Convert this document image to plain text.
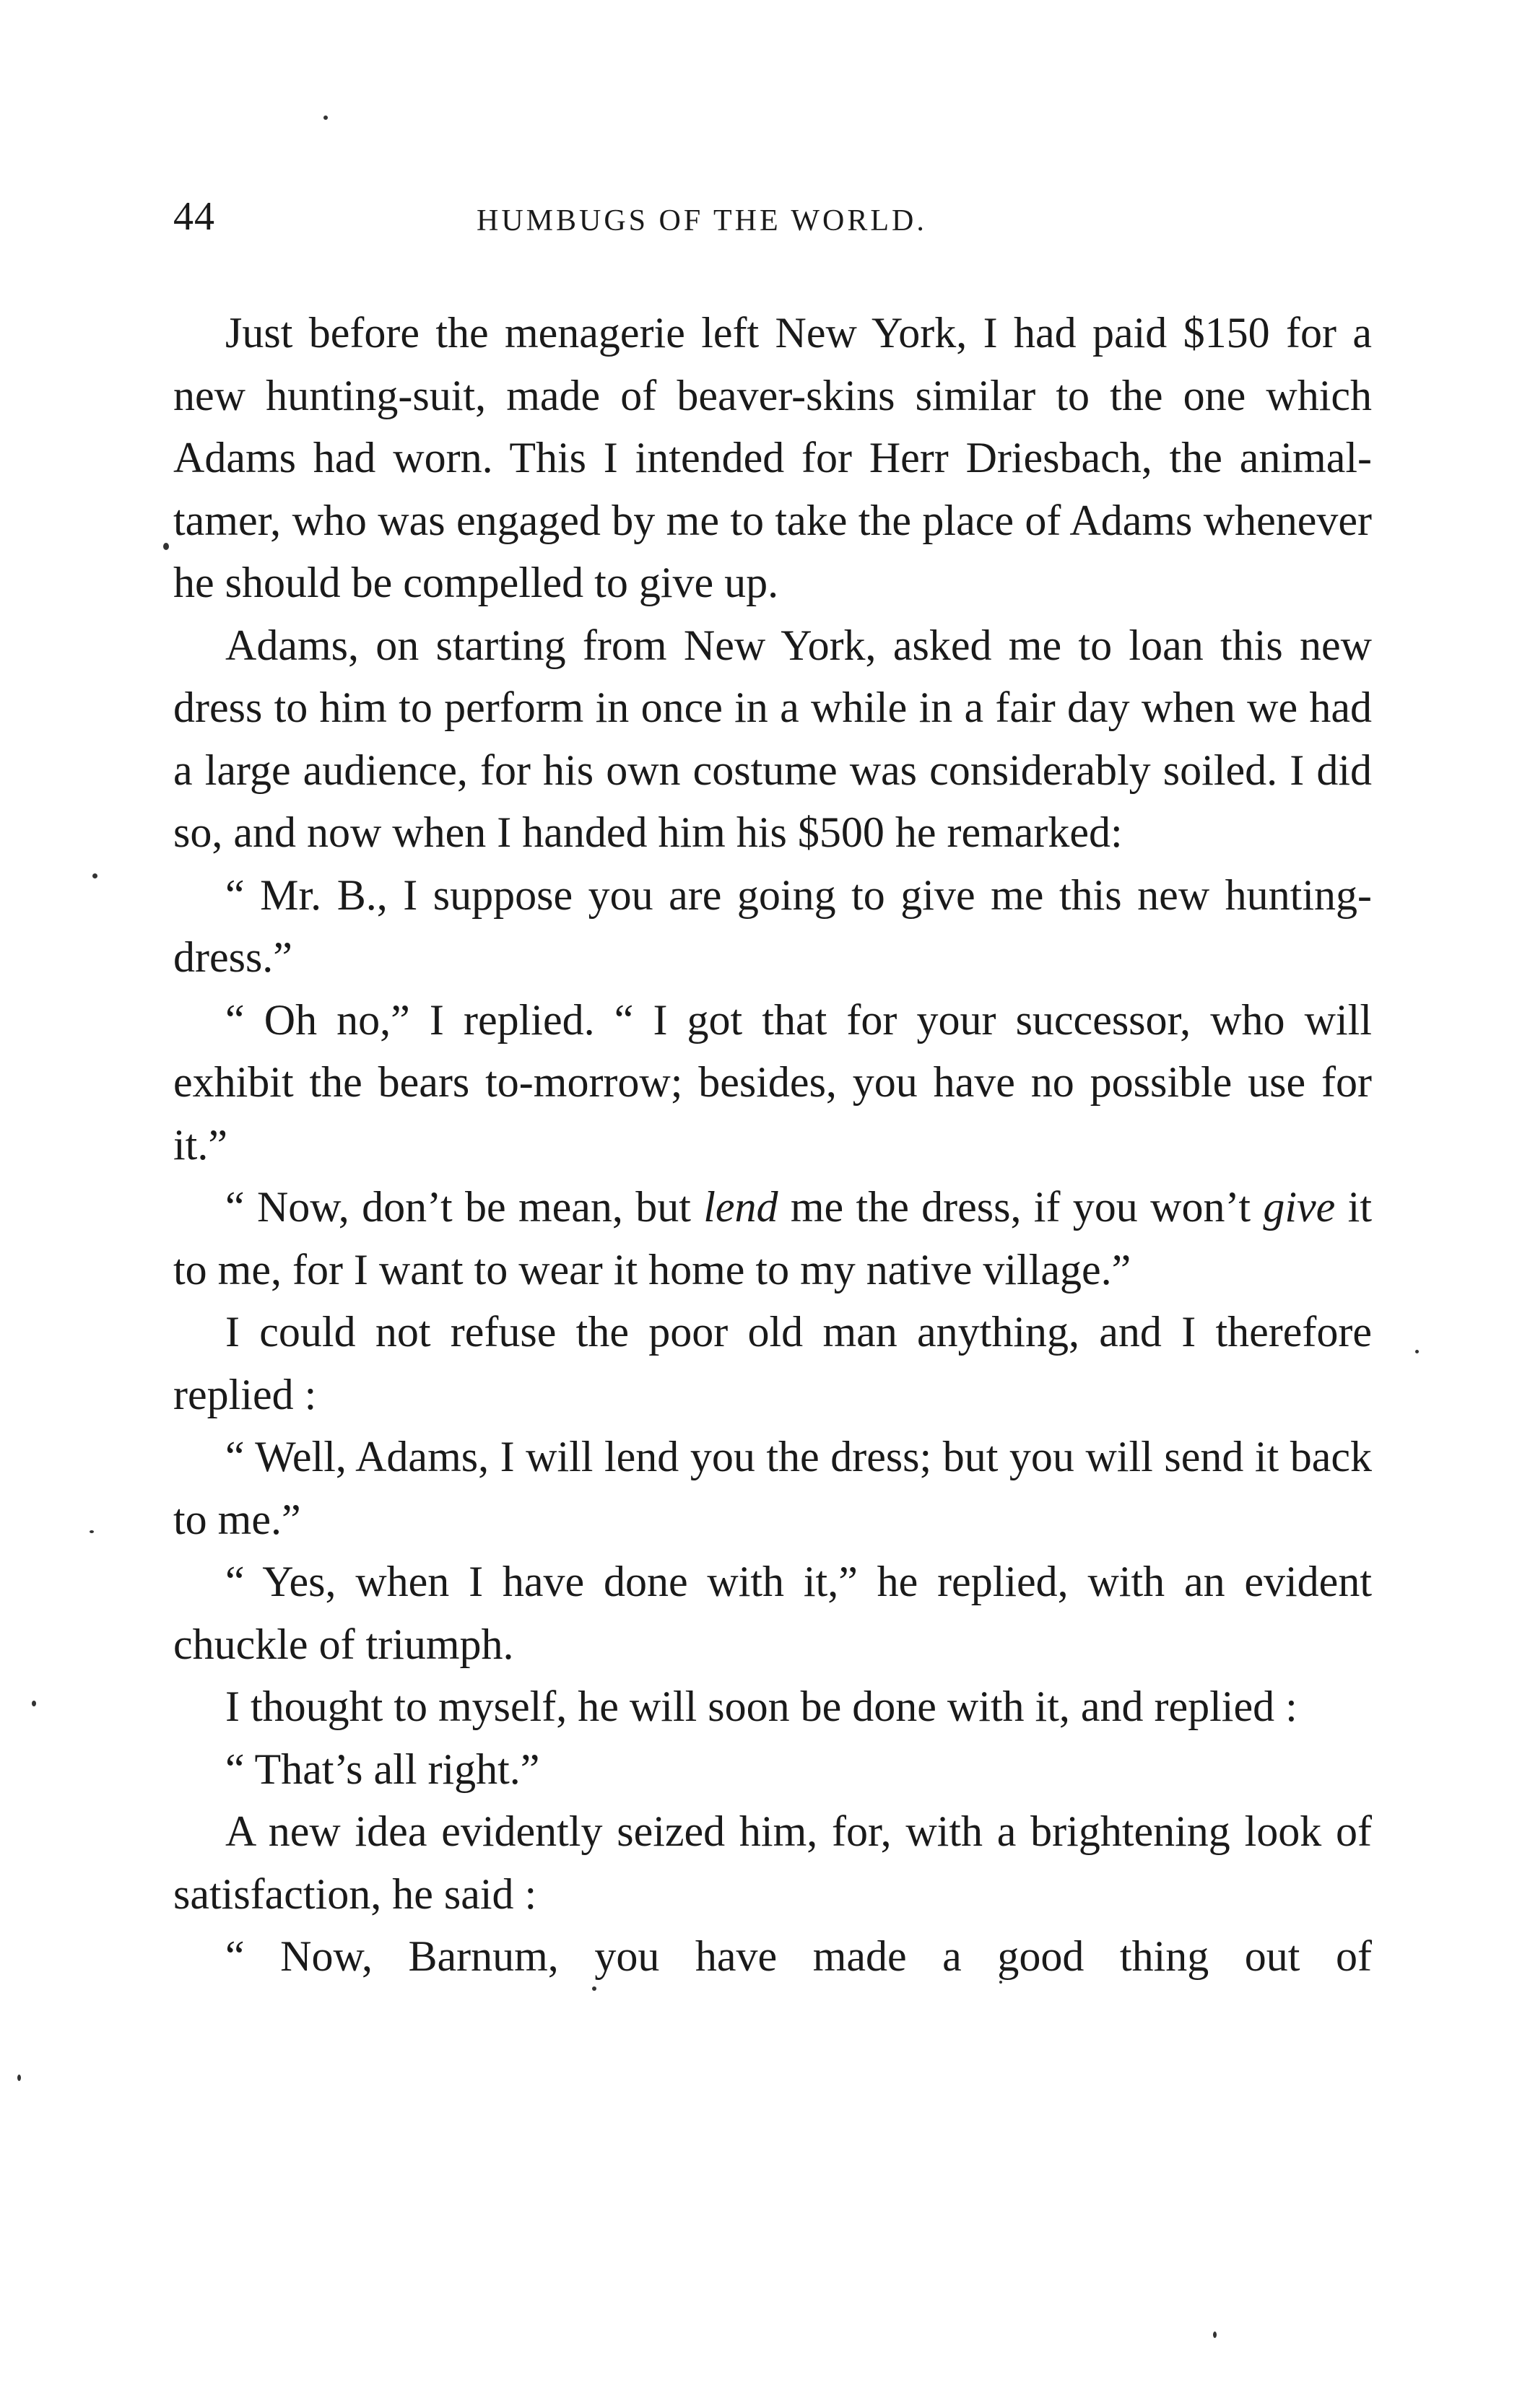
44	HUMBUGS OF THE WORLD.

Just before the menagerie left New York, I had paid $150 for a new hunting-suit, made of beaver-skins similar to the one which Adams had worn. This I intended for Herr Driesbach, the animal-tamer, who was engaged by me to take the place of Adams whenever he should be compelled to give up.

Adams, on starting from New York, asked me to loan this new dress to him to perform in once in a while in a fair day when we had a large audience, for his own costume was considerably soiled. I did so, and now when I handed him his $500 he remarked:

“ Mr. B., I suppose you are going to give me this new hunting-dress.”

“ Oh no,” I replied. “ I got that for your successor, who will exhibit the bears to-morrow; besides, you have no possible use for it.”

“ Now, don’t be mean, but lend me the dress, if you won’t give it to me, for I want to wear it home to my native village.”

I could not refuse the poor old man anything, and I therefore replied :

“ Well, Adams, I will lend you the dress; but you will send it back to me.”

“ Yes, when I have done with it,” he replied, with an evident chuckle of triumph.

I thought to myself, he will soon be done with it, and replied :

“ That’s all right.”

A new idea evidently seized him, for, with a brightening look of satisfaction, he said :

“ Now, Barnum, you have made a good thing out of
